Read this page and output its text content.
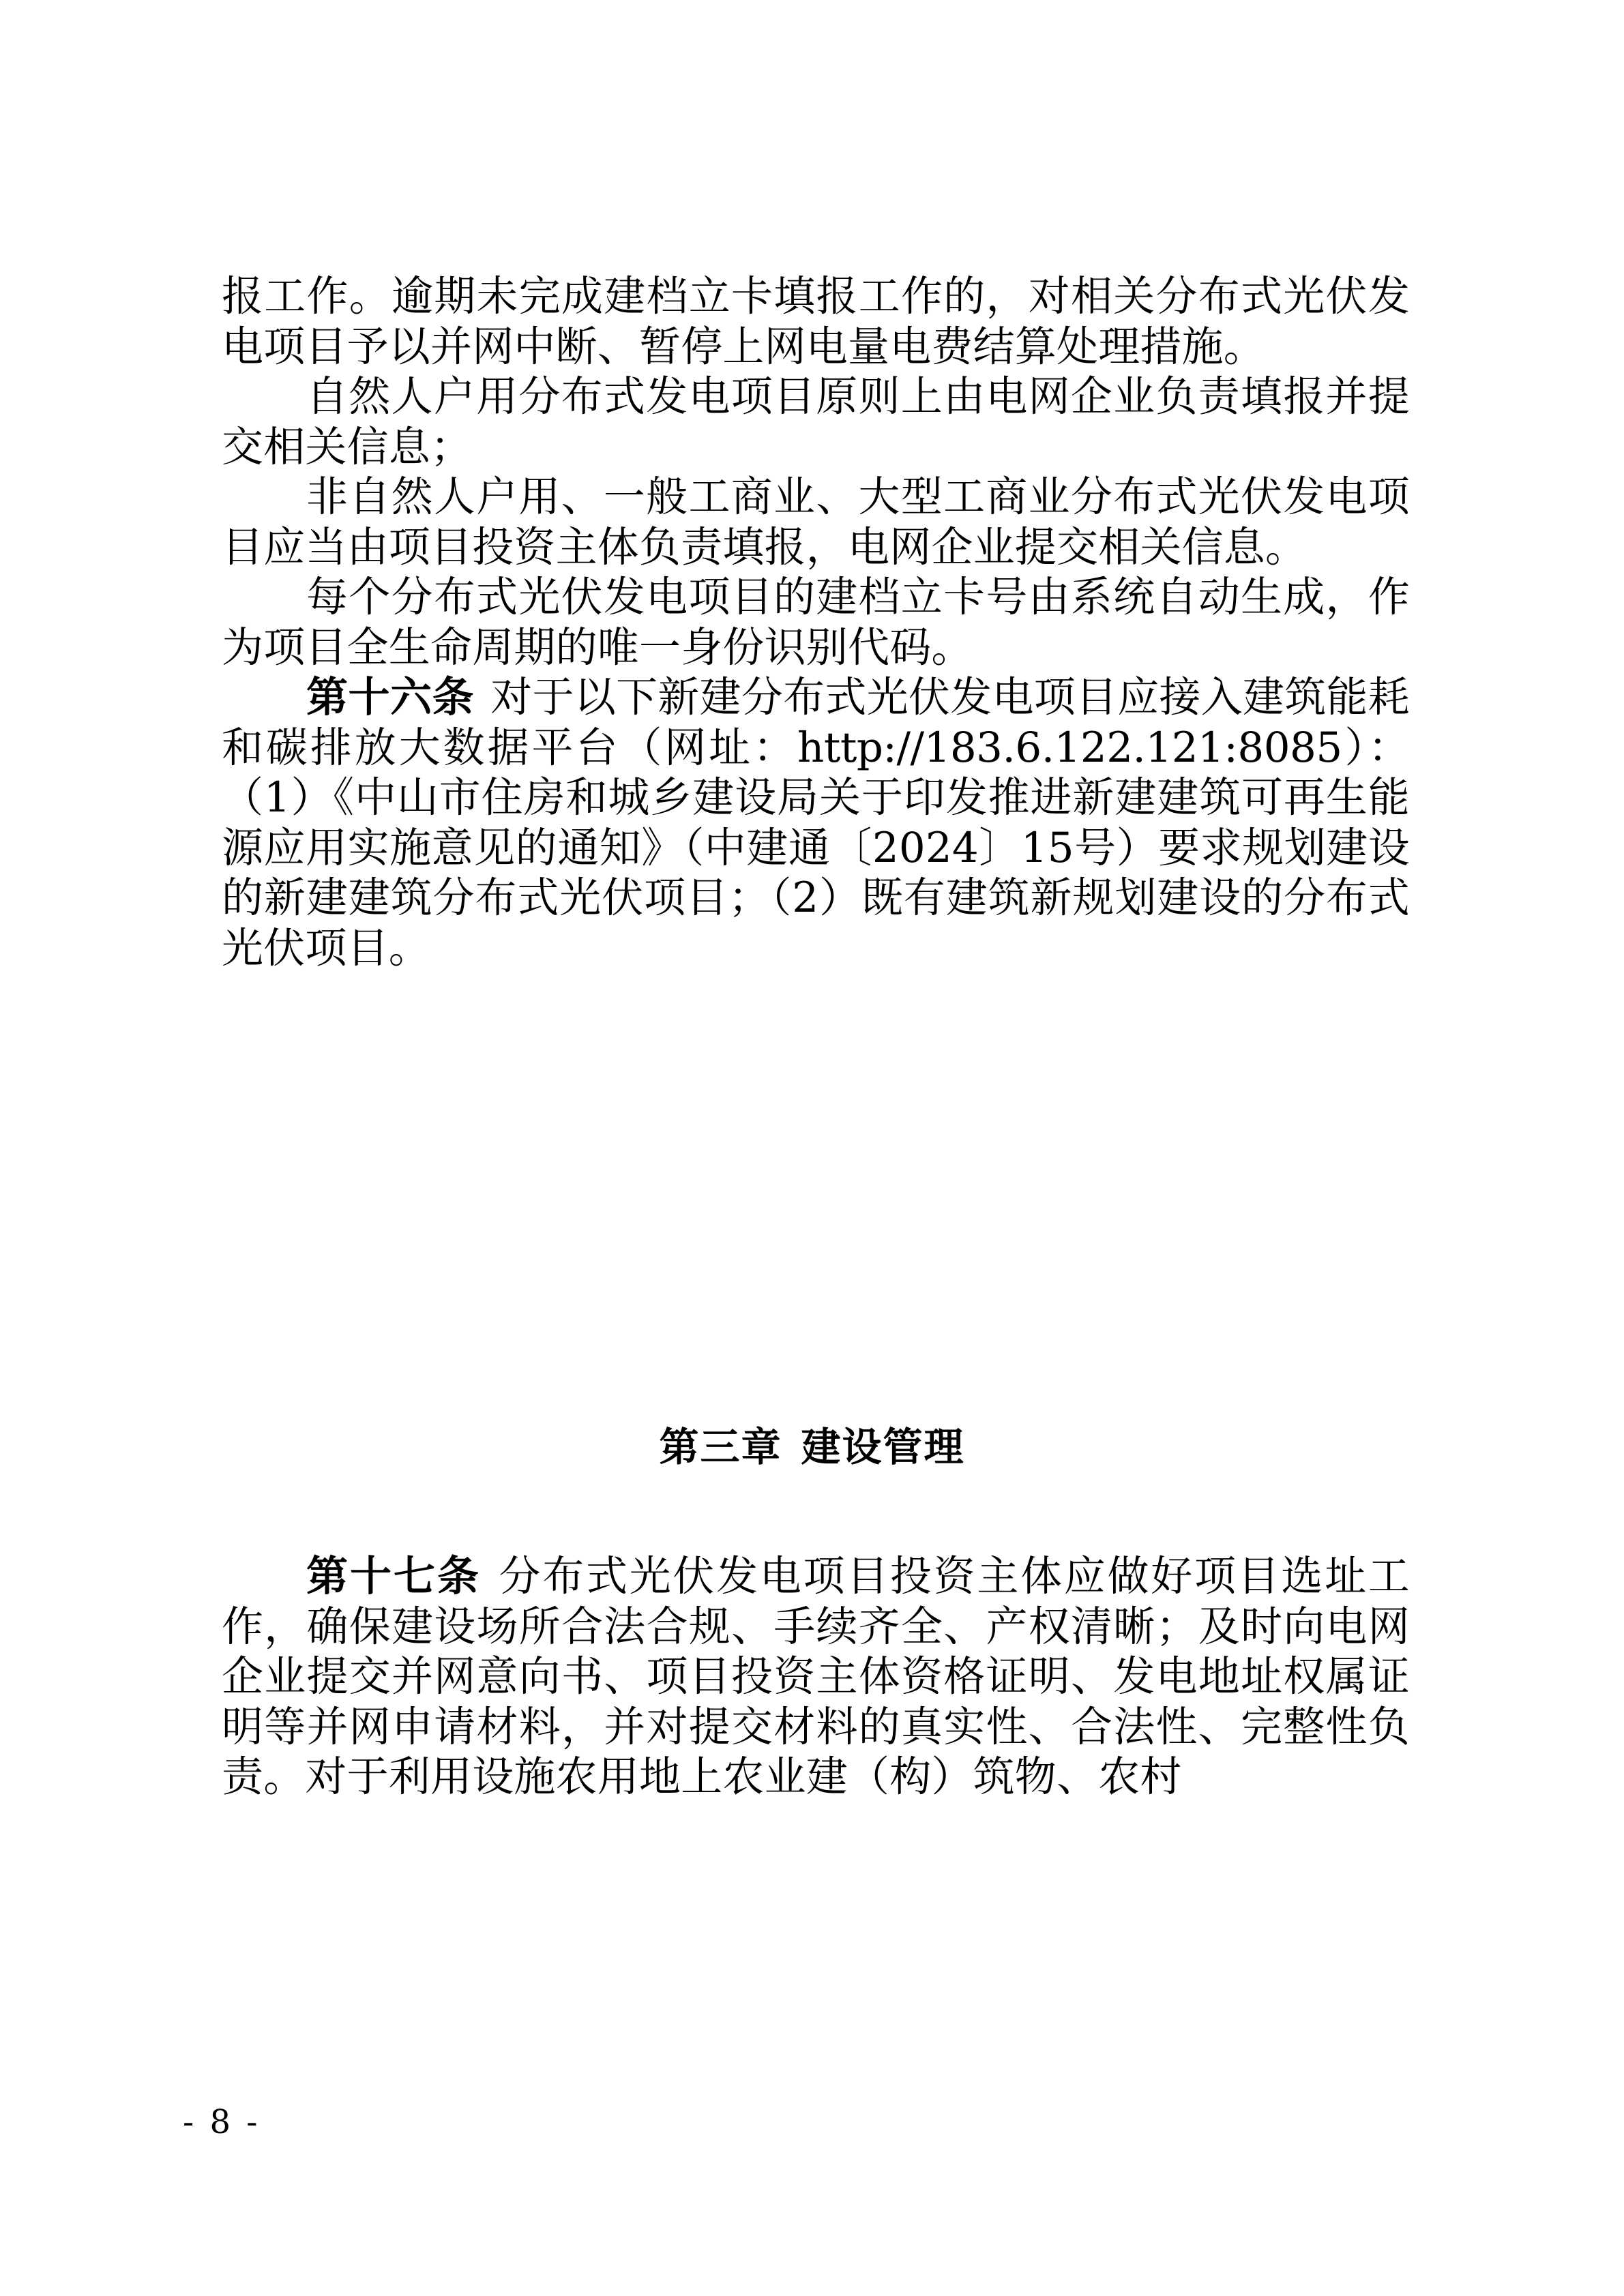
报工作。逾期未完成建档立卡填报工作的，对相关分布式光伏发电项目予以并网中断、暂停上网电量电费结算处理措施。

自然人户用分布式发电项目原则上由电网企业负责填报并提交相关信息；

非自然人户用、一般工商业、大型工商业分布式光伏发电项目应当由项目投资主体负责填报，电网企业提交相关信息。

每个分布式光伏发电项目的建档立卡号由系统自动生成，作为项目全生命周期的唯一身份识别代码。

第十六条 对于以下新建分布式光伏发电项目应接入建筑能耗和碳排放大数据平台（网址：http://183.6.122.121:8085）：（1）《中山市住房和城乡建设局关于印发推进新建建筑可再生能源应用实施意见的通知》（中建通〔2024〕15号）要求规划建设的新建建筑分布式光伏项目；（2）既有建筑新规划建设的分布式光伏项目。

第三章 建设管理

第十七条 分布式光伏发电项目投资主体应做好项目选址工作，确保建设场所合法合规、手续齐全、产权清晰；及时向电网企业提交并网意向书、项目投资主体资格证明、发电地址权属证明等并网申请材料，并对提交材料的真实性、合法性、完整性负责。对于利用设施农用地上农业建（构）筑物、农村

- 8 -
